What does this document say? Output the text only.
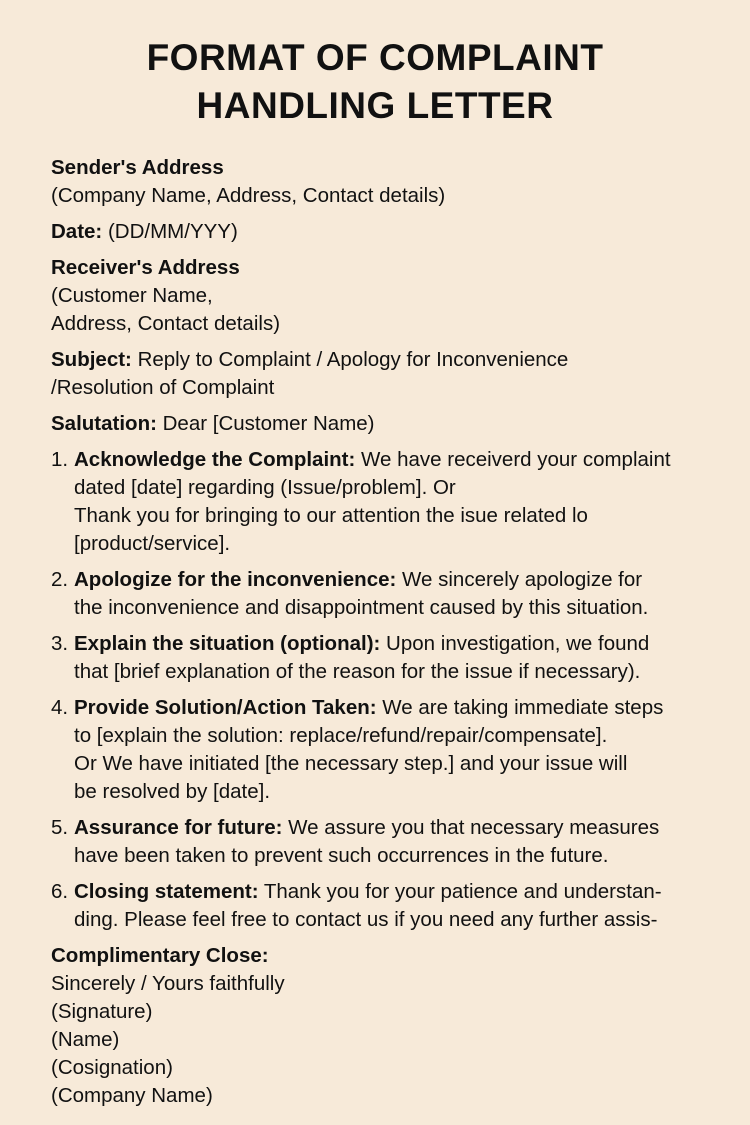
FORMAT OF COMPLAINT
HANDLING LETTER
Sender's Address
(Company Name, Address, Contact details)
Date: (DD/MM/YYY)
Receiver's Address
(Customer Name,
Address, Contact details)
Subject: Reply to Complaint / Apology for Inconvenience
/Resolution of Complaint
Salutation: Dear [Customer Name)
1. Acknowledge the Complaint: We have receiverd your complaint
dated [date] regarding (Issue/problem]. Or
Thank you for bringing to our attention the isue related lo
[product/service].
2. Apologize for the inconvenience: We sincerely apologize for
the inconvenience and disappointment caused by this situation.
3. Explain the situation (optional): Upon investigation, we found
that [brief explanation of the reason for the issue if necessary).
4. Provide Solution/Action Taken: We are taking immediate steps
to [explain the solution: replace/refund/repair/compensate].
Or We have initiated [the necessary step.] and your issue will
be resolved by [date].
5. Assurance for future: We assure you that necessary measures
have been taken to prevent such occurrences in the future.
6. Closing statement: Thank you for your patience and understan-
ding. Please feel free to contact us if you need any further assis-
Complimentary Close:
Sincerely / Yours faithfully
(Signature)
(Name)
(Cosignation)
(Company Name)
